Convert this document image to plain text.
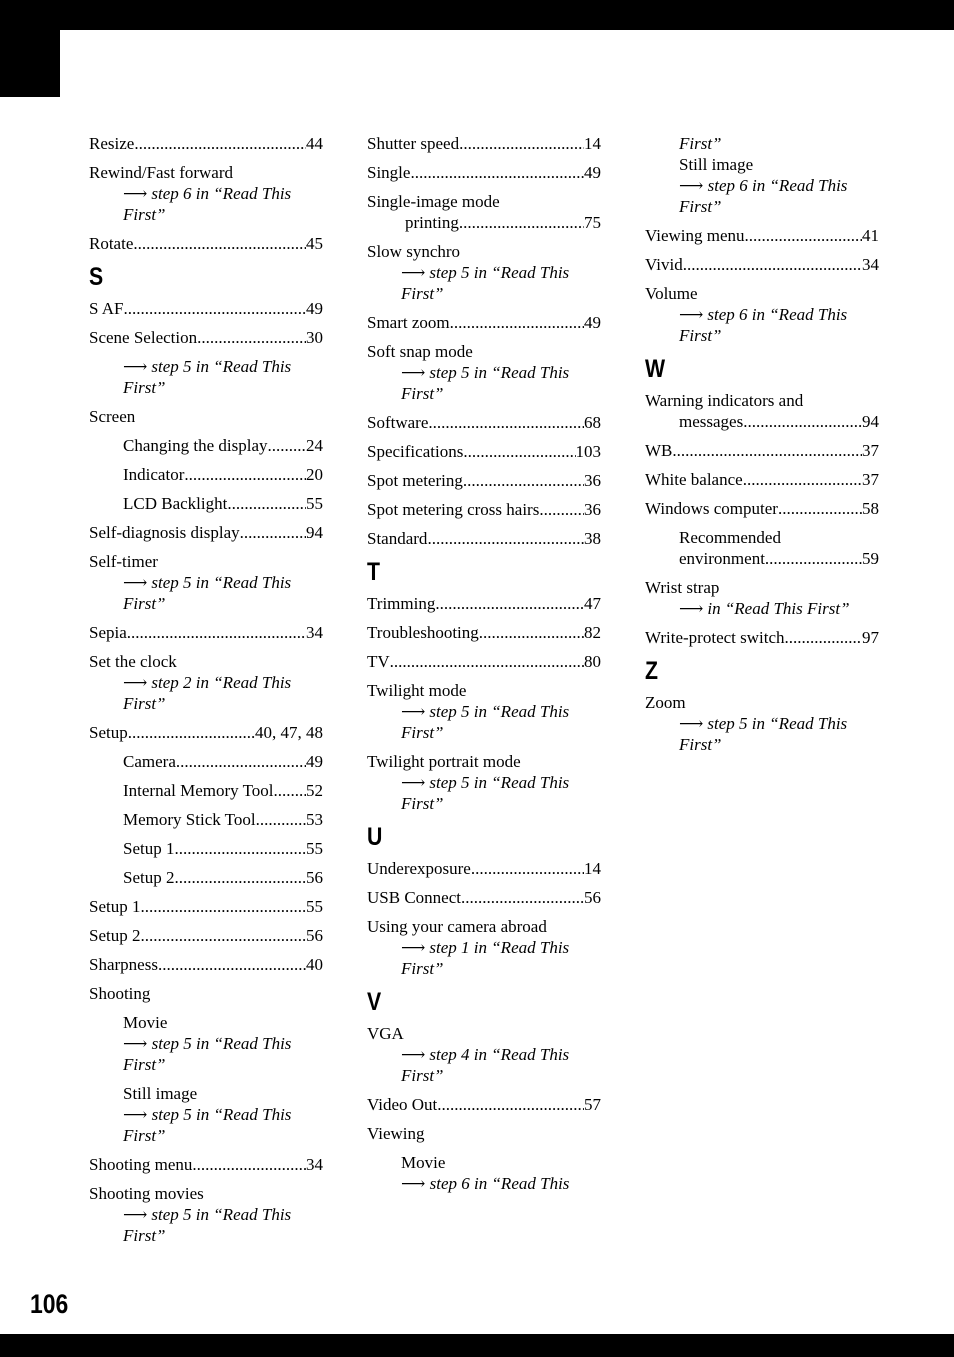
Resize .....	44
Rewind/Fast forward
⟶ step 6 in “Read This
First”
Rotate .....	45
S
S AF .....	49
Scene Selection .....	30
⟶ step 5 in “Read This
First”
Screen
Changing the display ..... 24
Indicator .....	20
LCD Backlight .....	55
Self-diagnosis display .....	94
Self-timer
⟶ step 5 in “Read This
First”
Sepia .....	34
Set the clock
⟶ step 2 in “Read This
First”
Setup .....	40, 47, 48
Camera .....	49
Internal Memory Tool ..... 52
Memory Stick Tool .....	53
Setup 1 .....	55
Setup 2 .....	56
Setup 1 .....	55
Setup 2 .....	56
Sharpness .....	40
Shooting
Movie
⟶ step 5 in “Read This
First”
Still image
⟶ step 5 in “Read This
First”
Shooting menu .....	34
Shooting movies
⟶ step 5 in “Read This
First”
Shutter speed .....	14
Single .....	49
Single-image mode
printing .....	75
Slow synchro
⟶ step 5 in “Read This
First”
Smart zoom .....	49
Soft snap mode
⟶ step 5 in “Read This
First”
Software .....	68
Specifications .....	103
Spot metering .....	36
Spot metering cross hairs .....	36
Standard .....	38
T
Trimming .....	47
Troubleshooting .....	82
TV .....	80
Twilight mode
⟶ step 5 in “Read This
First”
Twilight portrait mode
⟶ step 5 in “Read This
First”
U
Underexposure .....	14
USB Connect .....	56
Using your camera abroad
⟶ step 1 in “Read This
First”
V
VGA
⟶ step 4 in “Read This
First”
Video Out .....	57
Viewing
Movie
⟶ step 6 in “Read This
First”
Still image
⟶ step 6 in “Read This
First”
Viewing menu .....	41
Vivid .....	34
Volume
⟶ step 6 in “Read This
First”
W
Warning indicators and
messages .....	94
WB .....	37
White balance .....	37
Windows computer .....	58
Recommended
environment .....	59
Wrist strap
⟶ in “Read This First”
Write-protect switch .....	97
Z
Zoom
⟶ step 5 in “Read This
First”
106
